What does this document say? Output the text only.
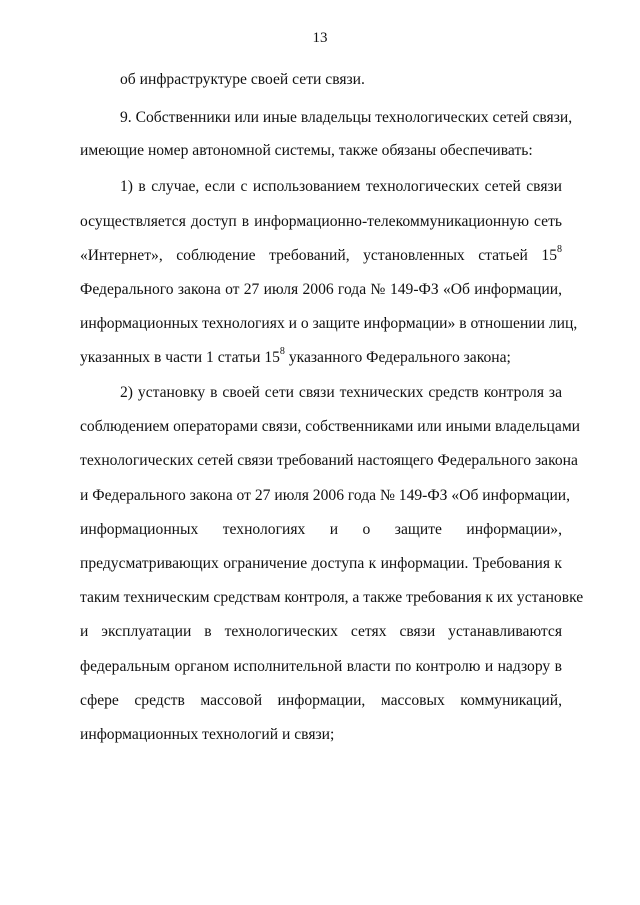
13
об инфраструктуре своей сети связи.
9. Собственники или иные владельцы технологических сетей связи,
имеющие номер автономной системы, также обязаны обеспечивать:
1) в случае, если с использованием технологических сетей связи
осуществляется доступ в информационно-телекоммуникационную сеть
«Интернет», соблюдение требований, установленных статьей $15^8$
Федерального закона от 27 июля 2006 года № 149-ФЗ «Об информации,
информационных технологиях и о защите информации» в отношении лиц,
указанных в части 1 статьи $15^8$ указанного Федерального закона;
2) установку в своей сети связи технических средств контроля за
соблюдением операторами связи, собственниками или иными владельцами
технологических сетей связи требований настоящего Федерального закона
и Федерального закона от 27 июля 2006 года № 149-ФЗ «Об информации,
информационных технологиях и о защите информации»,
предусматривающих ограничение доступа к информации. Требования к
таким техническим средствам контроля, а также требования к их установке
и эксплуатации в технологических сетях связи устанавливаются
федеральным органом исполнительной власти по контролю и надзору в
сфере средств массовой информации, массовых коммуникаций,
информационных технологий и связи;
